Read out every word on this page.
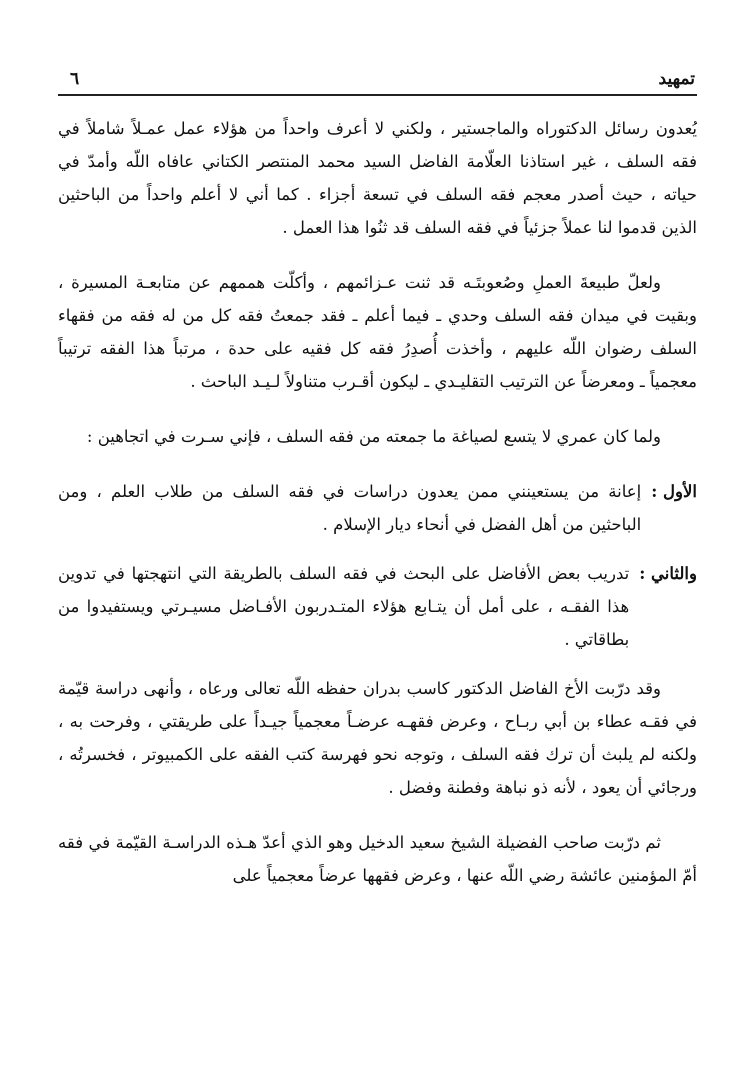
تمهيد
٦

يُعدون رسائل الدكتوراه والماجستير ، ولكني لا أعرف واحداً من هؤلاء عمل عمـلاً شاملاً في فقه السلف ، غير استاذنا العلّامة الفاضل السيد محمد المنتصر الكتاني عافاه اللّه وأمدّ في حياته ، حيث أصدر معجم فقه السلف في تسعة أجزاء . كما أني لا أعلم واحداً من الباحثين الذين قدموا لنا عملاً جزئياً في فقه السلف قد ثنُوا هذا العمل .

ولعلّ طبيعةَ العملِ وصُعوبتَـه قد ثنت عـزائمهم ، وأكلّت هممهم عن متابعـة المسيرة ، وبقيت في ميدان فقه السلف وحدي ـ فيما أعلم ـ فقد جمعتُ فقه كل من له فقه من فقهاء السلف رضوان اللّه عليهم ، وأخذت أُصدِرُ فقه كل فقيه على حدة ، مرتباً هذا الفقه ترتيباً معجمياً ـ ومعرضاً عن الترتيب التقليـدي ـ ليكون أقـرب متناولاً لـيـد الباحث .

ولما كان عمري لا يتسع لصياغة ما جمعته من فقه السلف ، فإني سـرت في اتجاهين :

الأول :
إعانة من يستعينني ممن يعدون دراسات في فقه السلف من طلاب العلم ، ومن الباحثين من أهل الفضل في أنحاء ديار الإسلام .
والثاني :
تدريب بعض الأفاضل على البحث في فقه السلف بالطريقة التي انتهجتها في تدوين هذا الفقـه ، على أمل أن يتـابع هؤلاء المتـدربون الأفـاضل مسيـرتي ويستفيدوا من بطاقاتي .

وقد درّبت الأخ الفاضل الدكتور كاسب بدران حفظه اللّه تعالى ورعاه ، وأنهى دراسة قيّمة في فقـه عطاء بن أبي ربـاح ، وعرض فقهـه عرضـاً معجمياً جيـداً على طريقتي ، وفرحت به ، ولكنه لم يلبث أن ترك فقه السلف ، وتوجه نحو فهرسة كتب الفقه على الكمبيوتر ، فخسرتُه ، ورجائي أن يعود ، لأنه ذو نباهة وفطنة وفضل .

ثم درّبت صاحب الفضيلة الشيخ سعيد الدخيل وهو الذي أعدّ هـذه الدراسـة القيّمة في فقه أمّ المؤمنين عائشة رضي اللّه عنها ، وعرض فقهها عرضاً معجمياً على
